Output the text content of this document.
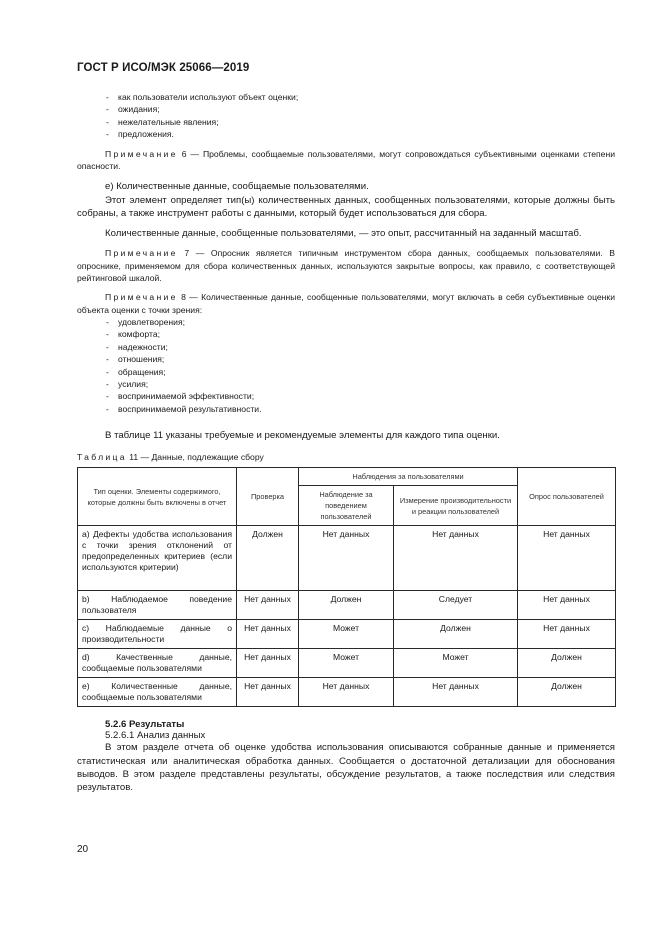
ГОСТ Р ИСО/МЭК 25066—2019
- как пользователи используют объект оценки;
- ожидания;
- нежелательные явления;
- предложения.

Примечание 6 — Проблемы, сообщаемые пользователями, могут сопровождаться субъективными оценками степени опасности.

е) Количественные данные, сообщаемые пользователями.

Этот элемент определяет тип(ы) количественных данных, сообщенных пользователями, которые должны быть собраны, а также инструмент работы с данными, который будет использоваться для сбора.

Количественные данные, сообщенные пользователями, — это опыт, рассчитанный на заданный масштаб.

Примечание 7 — Опросник является типичным инструментом сбора данных, сообщаемых пользователями. В опроснике, применяемом для сбора количественных данных, используются закрытые вопросы, как правило, с соответствующей рейтинговой шкалой.

Примечание 8 — Количественные данные, сообщенные пользователями, могут включать в себя субъективные оценки объекта оценки с точки зрения:

- удовлетворения;
- комфорта;
- надежности;
- отношения;
- обращения;
- усилия;
- воспринимаемой эффективности;
- воспринимаемой результативности.

В таблице 11 указаны требуемые и рекомендуемые элементы для каждого типа оценки.

Таблица 11 — Данные, подлежащие сбору

Тип оценки. Элементы содержимого, которые должны быть включены в отчет	Проверка	Наблюдения за пользователями		Опрос пользователей
		Наблюдение за поведением пользователей	Измерение производительности и реакции пользователей	
а) Дефекты удобства использования с точки зрения отклонений от предопределенных критериев (если используются критерии)	Должен	Нет данных	Нет данных	Нет данных
b) Наблюдаемое поведение пользователя	Нет данных	Должен	Следует	Нет данных
с) Наблюдаемые данные о производительности	Нет данных	Может	Должен	Нет данных
d) Качественные данные, сообщаемые пользователями	Нет данных	Может	Может	Должен
е) Количественные данные, сообщаемые пользователями	Нет данных	Нет данных	Нет данных	Должен

5.2.6 Результаты

5.2.6.1 Анализ данных

В этом разделе отчета об оценке удобства использования описываются собранные данные и применяется статистическая или аналитическая обработка данных. Сообщается о достаточной детализации для обоснования выводов. В этом разделе представлены результаты, обсуждение результатов, а также последствия или следствия результатов.

20
